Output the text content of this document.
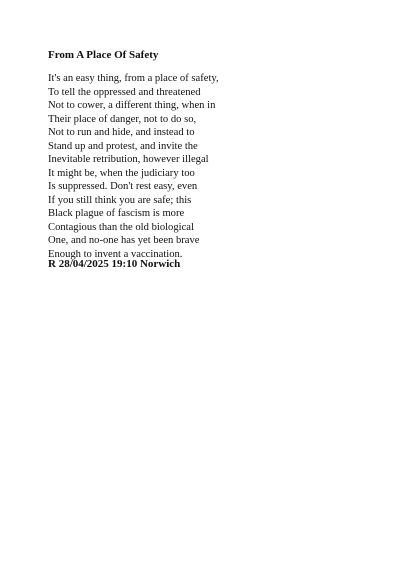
From A Place Of Safety
It's an easy thing, from a place of safety,
To tell the oppressed and threatened
Not to cower, a different thing, when in
Their place of danger, not to do so,
Not to run and hide, and instead to
Stand up and protest, and invite the
Inevitable retribution, however illegal
It might be, when the judiciary too
Is suppressed. Don't rest easy, even
If you still think you are safe; this
Black plague of fascism is more
Contagious than the old biological
One, and no-one has yet been brave
Enough to invent a vaccination.
R 28/04/2025 19:10 Norwich
